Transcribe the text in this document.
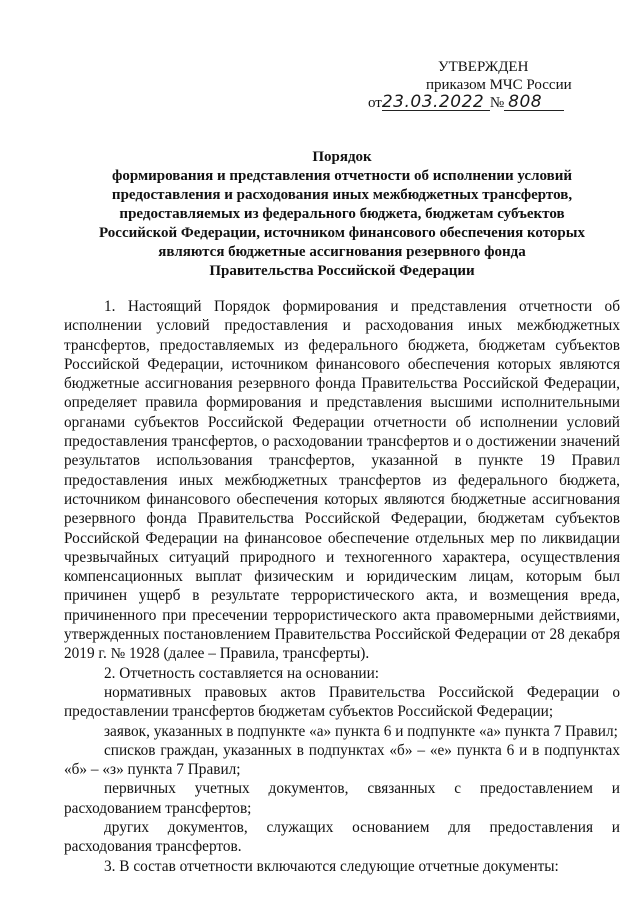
УТВЕРЖДЕН
приказом МЧС России
от23.03.2022 № 808
Порядок
формирования и представления отчетности об исполнении условий
предоставления и расходования иных межбюджетных трансфертов,
предоставляемых из федерального бюджета, бюджетам субъектов
Российской Федерации, источником финансового обеспечения которых
являются бюджетные ассигнования резервного фонда
Правительства Российской Федерации

1. Настоящий Порядок формирования и представления отчетности об исполнении условий предоставления и расходования иных межбюджетных трансфертов, предоставляемых из федерального бюджета, бюджетам субъектов Российской Федерации, источником финансового обеспечения которых являются бюджетные ассигнования резервного фонда Правительства Российской Федерации, определяет правила формирования и представления высшими исполнительными органами субъектов Российской Федерации отчетности об исполнении условий предоставления трансфертов, о расходовании трансфертов и о достижении значений результатов использования трансфертов, указанной в пункте 19 Правил предоставления иных межбюджетных трансфертов из федерального бюджета, источником финансового обеспечения которых являются бюджетные ассигнования резервного фонда Правительства Российской Федерации, бюджетам субъектов Российской Федерации на финансовое обеспечение отдельных мер по ликвидации чрезвычайных ситуаций природного и техногенного характера, осуществления компенсационных выплат физическим и юридическим лицам, которым был причинен ущерб в результате террористического акта, и возмещения вреда, причиненного при пресечении террористического акта правомерными действиями, утвержденных постановлением Правительства Российской Федерации от 28 декабря 2019 г. № 1928 (далее – Правила, трансферты).

2. Отчетность составляется на основании:

нормативных правовых актов Правительства Российской Федерации о предоставлении трансфертов бюджетам субъектов Российской Федерации;

заявок, указанных в подпункте «а» пункта 6 и подпункте «а» пункта 7 Правил;

списков граждан, указанных в подпунктах «б» – «е» пункта 6 и в подпунктах «б» – «з» пункта 7 Правил;

первичных учетных документов, связанных с предоставлением и расходованием трансфертов;

других документов, служащих основанием для предоставления и расходования трансфертов.

3. В состав отчетности включаются следующие отчетные документы:
